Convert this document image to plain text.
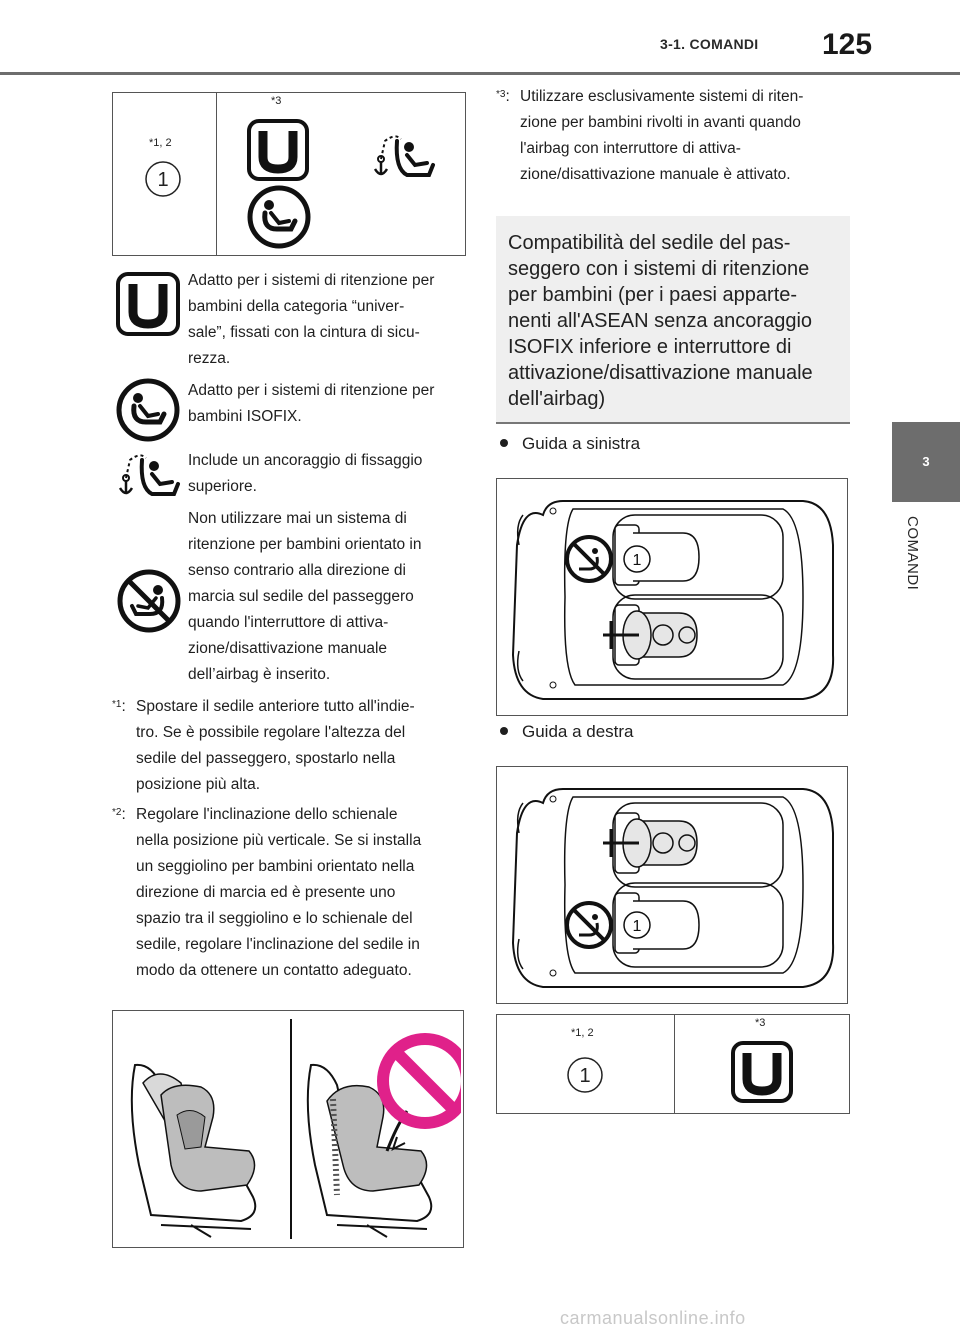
3-1. COMANDI 125
3
COMANDI
*1, 2
1
*3
Adatto per i sistemi di ritenzione per
bambini della categoria “univer-
sale”, fissati con la cintura di sicu-
rezza.
Adatto per i sistemi di ritenzione per
bambini ISOFIX.
Include un ancoraggio di fissaggio
superiore.
Non utilizzare mai un sistema di
ritenzione per bambini orientato in
senso contrario alla direzione di
marcia sul sedile del passeggero
quando l'interruttore di attiva-
zione/disattivazione manuale
dell’airbag è inserito.
$^{*1}$: Spostare il sedile anteriore tutto all'indie-
tro. Se è possibile regolare l'altezza del
sedile del passeggero, spostarlo nella
posizione più alta.
$^{*2}$: Regolare l'inclinazione dello schienale
nella posizione più verticale. Se si installa
un seggiolino per bambini orientato nella
direzione di marcia ed è presente uno
spazio tra il seggiolino e lo schienale del
sedile, regolare l'inclinazione del sedile in
modo da ottenere un contatto adeguato.
$^{*3}$: Utilizzare esclusivamente sistemi di riten-
zione per bambini rivolti in avanti quando
l'airbag con interruttore di attiva-
zione/disattivazione manuale è attivato.
Compatibilità del sedile del pas-
seggero con i sistemi di ritenzione
per bambini (per i paesi apparte-
nenti all'ASEAN senza ancoraggio
ISOFIX inferiore e interruttore di
attivazione/disattivazione manuale
dell'airbag)
Guida a sinistra
1
Guida a destra
1
*1, 2
1
*3
carmanualsonline.info
